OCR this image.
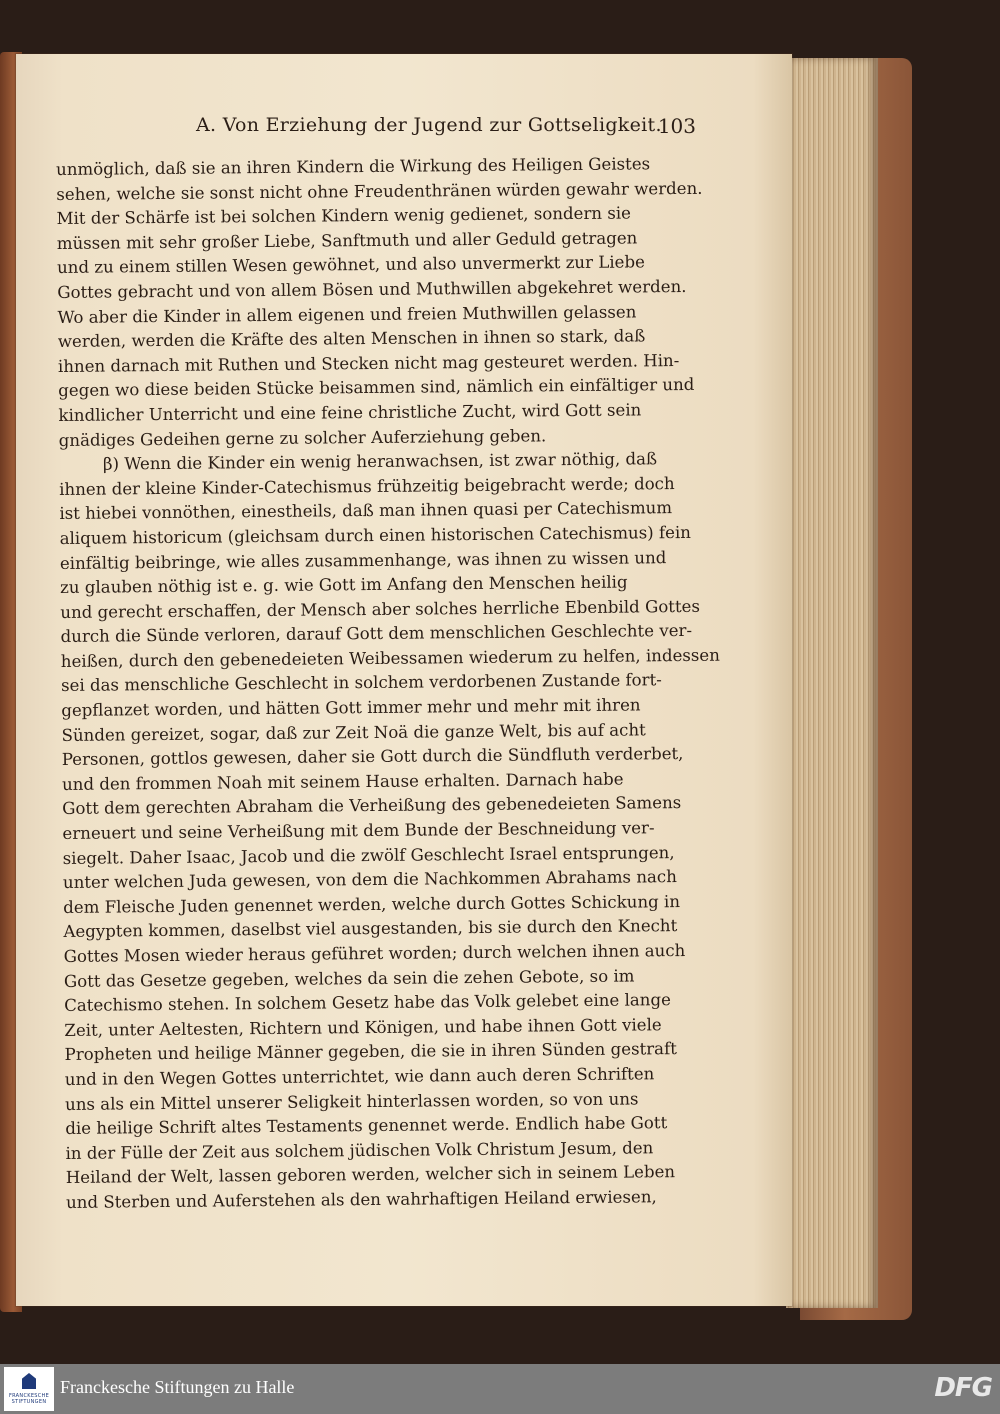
A. Von Erziehung der Jugend zur Gottseligkeit.
103
unmöglich, daß sie an ihren Kindern die Wirkung des Heiligen Geistes
sehen, welche sie sonst nicht ohne Freudenthränen würden gewahr werden.
Mit der Schärfe ist bei solchen Kindern wenig gedienet, sondern sie
müssen mit sehr großer Liebe, Sanftmuth und aller Geduld getragen
und zu einem stillen Wesen gewöhnet, und also unvermerkt zur Liebe
Gottes gebracht und von allem Bösen und Muthwillen abgekehret werden.
Wo aber die Kinder in allem eigenen und freien Muthwillen gelassen
werden, werden die Kräfte des alten Menschen in ihnen so stark, daß
ihnen darnach mit Ruthen und Stecken nicht mag gesteuret werden. Hin-
gegen wo diese beiden Stücke beisammen sind, nämlich ein einfältiger und
kindlicher Unterricht und eine feine christliche Zucht, wird Gott sein
gnädiges Gedeihen gerne zu solcher Auferziehung geben.
β) Wenn die Kinder ein wenig heranwachsen, ist zwar nöthig, daß
ihnen der kleine Kinder-Catechismus frühzeitig beigebracht werde; doch
ist hiebei vonnöthen, einestheils, daß man ihnen quasi per Catechismum
aliquem historicum (gleichsam durch einen historischen Catechismus) fein
einfältig beibringe, wie alles zusammenhange, was ihnen zu wissen und
zu glauben nöthig ist e. g. wie Gott im Anfang den Menschen heilig
und gerecht erschaffen, der Mensch aber solches herrliche Ebenbild Gottes
durch die Sünde verloren, darauf Gott dem menschlichen Geschlechte ver-
heißen, durch den gebenedeieten Weibessamen wiederum zu helfen, indessen
sei das menschliche Geschlecht in solchem verdorbenen Zustande fort-
gepflanzet worden, und hätten Gott immer mehr und mehr mit ihren
Sünden gereizet, sogar, daß zur Zeit Noä die ganze Welt, bis auf acht
Personen, gottlos gewesen, daher sie Gott durch die Sündfluth verderbet,
und den frommen Noah mit seinem Hause erhalten. Darnach habe
Gott dem gerechten Abraham die Verheißung des gebenedeieten Samens
erneuert und seine Verheißung mit dem Bunde der Beschneidung ver-
siegelt. Daher Isaac, Jacob und die zwölf Geschlecht Israel entsprungen,
unter welchen Juda gewesen, von dem die Nachkommen Abrahams nach
dem Fleische Juden genennet werden, welche durch Gottes Schickung in
Aegypten kommen, daselbst viel ausgestanden, bis sie durch den Knecht
Gottes Mosen wieder heraus geführet worden; durch welchen ihnen auch
Gott das Gesetze gegeben, welches da sein die zehen Gebote, so im
Catechismo stehen. In solchem Gesetz habe das Volk gelebet eine lange
Zeit, unter Aeltesten, Richtern und Königen, und habe ihnen Gott viele
Propheten und heilige Männer gegeben, die sie in ihren Sünden gestraft
und in den Wegen Gottes unterrichtet, wie dann auch deren Schriften
uns als ein Mittel unserer Seligkeit hinterlassen worden, so von uns
die heilige Schrift altes Testaments genennet werde. Endlich habe Gott
in der Fülle der Zeit aus solchem jüdischen Volk Christum Jesum, den
Heiland der Welt, lassen geboren werden, welcher sich in seinem Leben
und Sterben und Auferstehen als den wahrhaftigen Heiland erwiesen,
FRANCKESCHE
STIFTUNGEN
Franckesche Stiftungen zu Halle	DFG
